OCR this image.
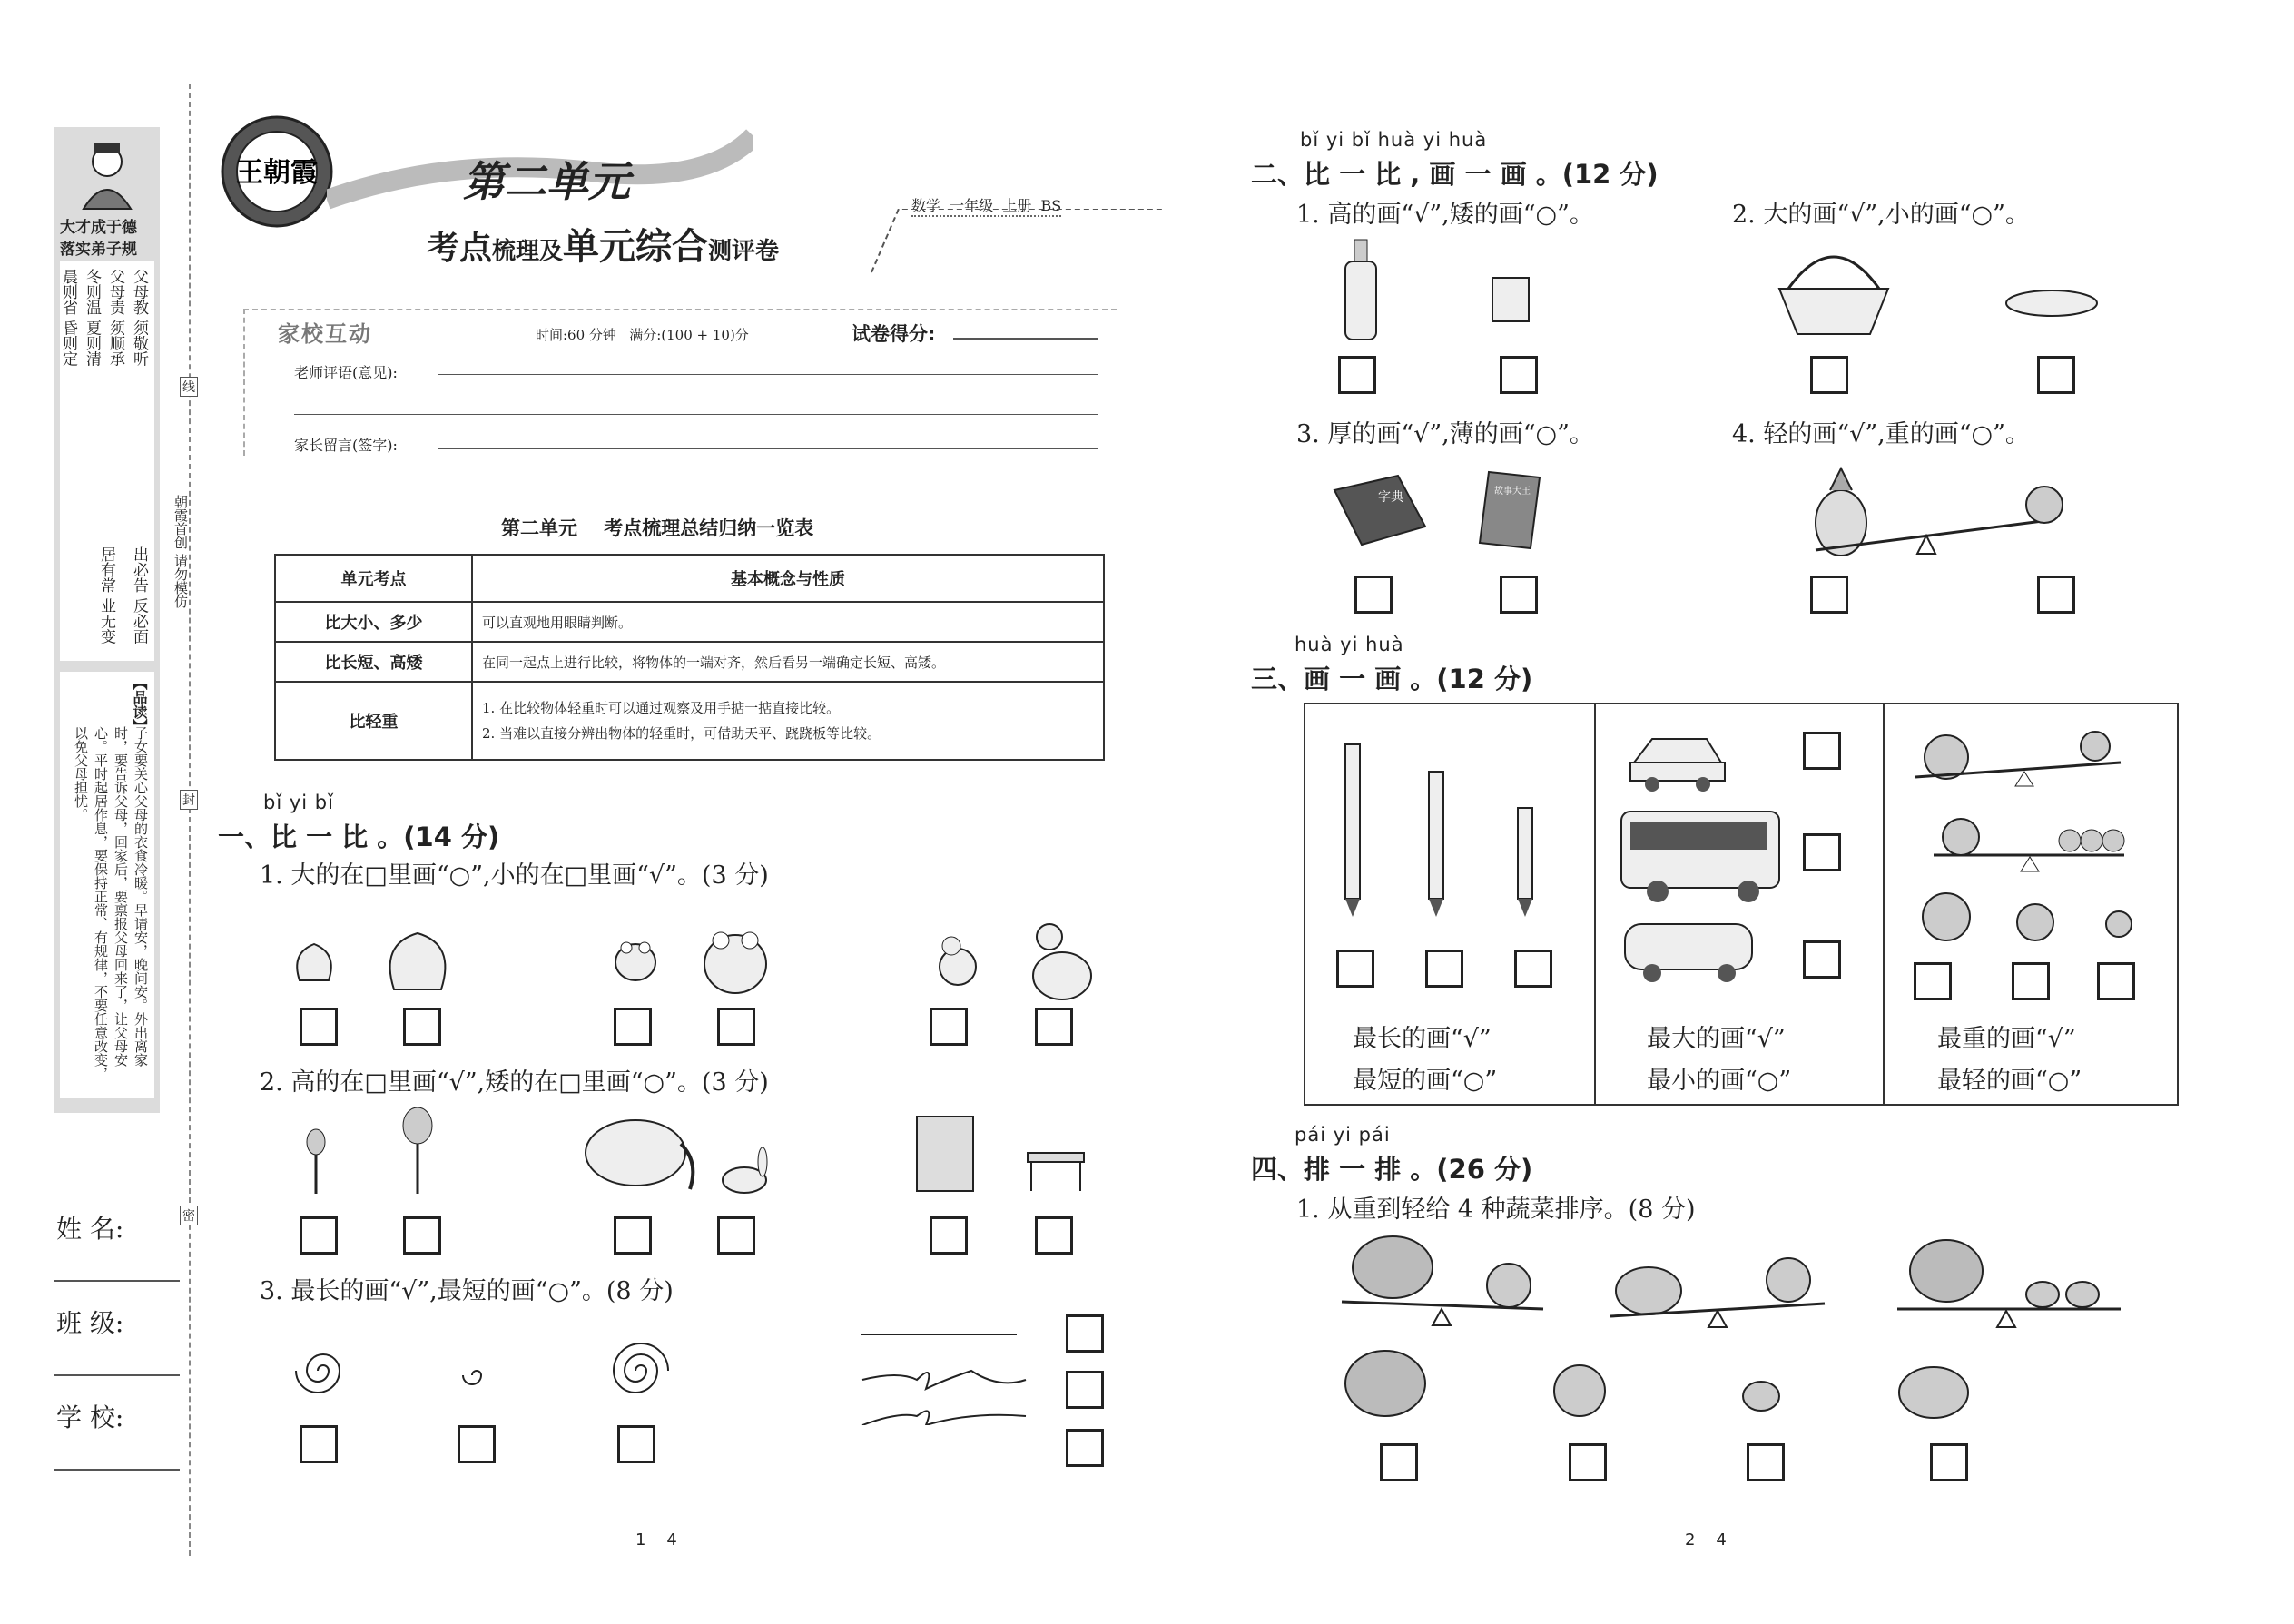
大才成于德
落实弟子规
父母教 须敬听
父母责 须顺承
冬则温 夏则清
晨则省 昏则定
出必告 反必面
居有常 业无变
【品读】
子女要关心父母的衣食冷暖。早请安，晚问安。外出离家时，要告诉父母，回家后，要禀报父母回来了，让父母安心。平时起居作息，要保持正常、有规律，不要任意改变，以免父母担忧。
线
封
密
朝霞首创 请勿模仿
姓 名:
班 级:
学 校:
王朝霞	第二单元
考点梳理及单元综合测评卷
数学  一年级  上册  BS
家校互动	时间:60 分钟   满分:(100 + 10)分	试卷得分:
老师评语(意见):
家长留言(签字):
第二单元    考点梳理总结归纳一览表
单元考点	基本概念与性质
比大小、多少	可以直观地用眼睛判断。
比长短、高矮	在同一起点上进行比较，将物体的一端对齐，然后看另一端确定长短、高矮。
比轻重	1. 在比较物体轻重时可以通过观察及用手掂一掂直接比较。
2. 当难以直接分辨出物体的轻重时，可借助天平、跷跷板等比较。
bǐ yi bǐ
一、比 一 比 。(14 分)
1. 大的在□里画“○”,小的在□里画“√”。(3 分)
2. 高的在□里画“√”,矮的在□里画“○”。(3 分)
3. 最长的画“√”,最短的画“○”。(8 分)
1    4
bǐ yi bǐ huà yi huà
二、比 一 比 , 画 一 画 。(12 分)
1. 高的画“√”,矮的画“○”。	2. 大的画“√”,小的画“○”。
3. 厚的画“√”,薄的画“○”。	4. 轻的画“√”,重的画“○”。
字典	故事大王
huà yi huà
三、画 一 画 。(12 分)
最长的画“√”
最短的画“○”
最大的画“√”
最小的画“○”
最重的画“√”
最轻的画“○”
pái yi pái
四、排 一 排 。(26 分)
1. 从重到轻给 4 种蔬菜排序。(8 分)
2    4
